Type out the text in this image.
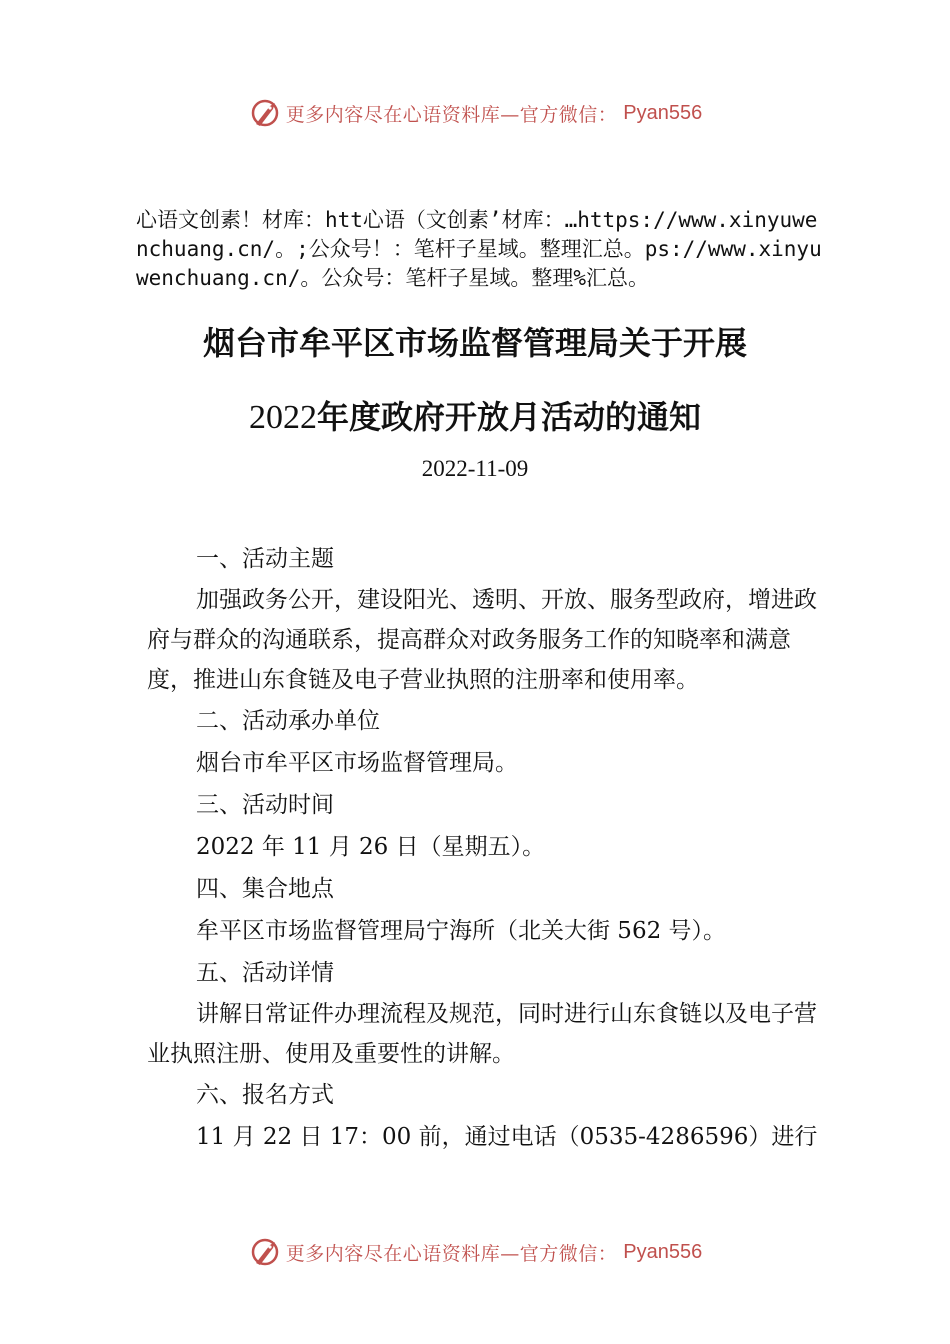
更多内容尽在心语资料库—官方微信： Pyan556
心语文创素！材库：htt心语（文创素’材库：…https://www.xinyuwenchuang.cn/。;公众号！：笔杆子星域。整理汇总。ps://www.xinyuwenchuang.cn/。公众号：笔杆子星域。整理%汇总。
烟台市牟平区市场监督管理局关于开展
2022年度政府开放月活动的通知
2022-11-09
一、活动主题
加强政务公开，建设阳光、透明、开放、服务型政府，增进政府与群众的沟通联系，提高群众对政务服务工作的知晓率和满意度，推进山东食链及电子营业执照的注册率和使用率。
二、活动承办单位
烟台市牟平区市场监督管理局。
三、活动时间
2022 年 11 月 26 日（星期五）。
四、集合地点
牟平区市场监督管理局宁海所（北关大街 562 号）。
五、活动详情
讲解日常证件办理流程及规范，同时进行山东食链以及电子营业执照注册、使用及重要性的讲解。
六、报名方式
11 月 22 日 17：00 前，通过电话（0535-4286596）进行
更多内容尽在心语资料库—官方微信： Pyan556
